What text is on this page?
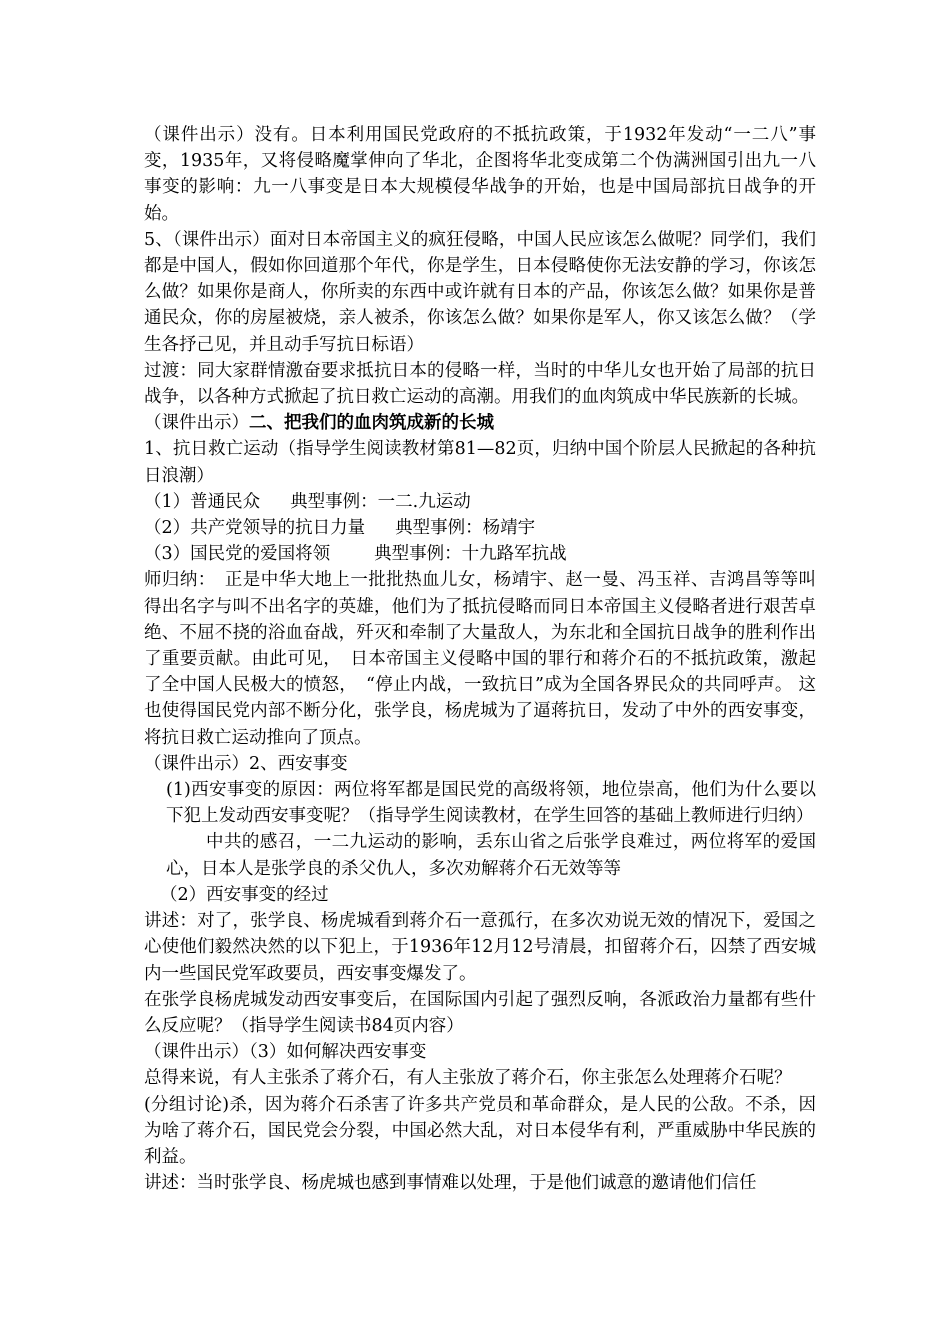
（课件出示）没有。日本利用国民党政府的不抵抗政策，于1932年发动“一二八”事变，1935年，又将侵略魔掌伸向了华北，企图将华北变成第二个伪满洲国引出九一八事变的影响：九一八事变是日本大规模侵华战争的开始，也是中国局部抗日战争的开始。

5、（课件出示）面对日本帝国主义的疯狂侵略，中国人民应该怎么做呢？同学们，我们都是中国人，假如你回道那个年代，你是学生，日本侵略使你无法安静的学习，你该怎么做？如果你是商人，你所卖的东西中或许就有日本的产品，你该怎么做？如果你是普通民众，你的房屋被烧，亲人被杀，你该怎么做？如果你是军人，你又该怎么做？（学生各抒己见，并且动手写抗日标语）

过渡：同大家群情激奋要求抵抗日本的侵略一样，当时的中华儿女也开始了局部的抗日战争，以各种方式掀起了抗日救亡运动的高潮。用我们的血肉筑成中华民族新的长城。

（课件出示）二、把我们的血肉筑成新的长城

1、抗日救亡运动（指导学生阅读教材第81—82页，归纳中国个阶层人民掀起的各种抗日浪潮）

（1）普通民众 典型事例：一二.九运动

（2）共产党领导的抗日力量 典型事例：杨靖宇

（3）国民党的爱国将领	典型事例：十九路军抗战

师归纳：　正是中华大地上一批批热血儿女，杨靖宇、赵一曼、冯玉祥、吉鸿昌等等叫得出名字与叫不出名字的英雄，他们为了抵抗侵略而同日本帝国主义侵略者进行艰苦卓绝、不屈不挠的浴血奋战，歼灭和牵制了大量敌人，为东北和全国抗日战争的胜利作出了重要贡献。由此可见，　日本帝国主义侵略中国的罪行和蒋介石的不抵抗政策，激起了全中国人民极大的愤怒，　“停止内战，一致抗日”成为全国各界民众的共同呼声。 这也使得国民党内部不断分化，张学良，杨虎城为了逼蒋抗日，发动了中外的西安事变，将抗日救亡运动推向了顶点。

（课件出示）2、西安事变

(1)西安事变的原因：两位将军都是国民党的高级将领，地位崇高，他们为什么要以下犯上发动西安事变呢？（指导学生阅读教材，在学生回答的基础上教师进行归纳）

中共的感召，一二九运动的影响，丢东山省之后张学良难过，两位将军的爱国心，日本人是张学良的杀父仇人，多次劝解蒋介石无效等等

（2）西安事变的经过

讲述：对了，张学良、杨虎城看到蒋介石一意孤行，在多次劝说无效的情况下，爱国之心使他们毅然决然的以下犯上，于1936年12月12号清晨，扣留蒋介石，囚禁了西安城内一些国民党军政要员，西安事变爆发了。

在张学良杨虎城发动西安事变后，在国际国内引起了强烈反响，各派政治力量都有些什么反应呢？（指导学生阅读书84页内容）

（课件出示）（3）如何解决西安事变

总得来说，有人主张杀了蒋介石，有人主张放了蒋介石，你主张怎么处理蒋介石呢？

(分组讨论)杀，因为蒋介石杀害了许多共产党员和革命群众，是人民的公敌。不杀，因为啥了蒋介石，国民党会分裂，中国必然大乱，对日本侵华有利，严重威胁中华民族的利益。

讲述：当时张学良、杨虎城也感到事情难以处理，于是他们诚意的邀请他们信任
